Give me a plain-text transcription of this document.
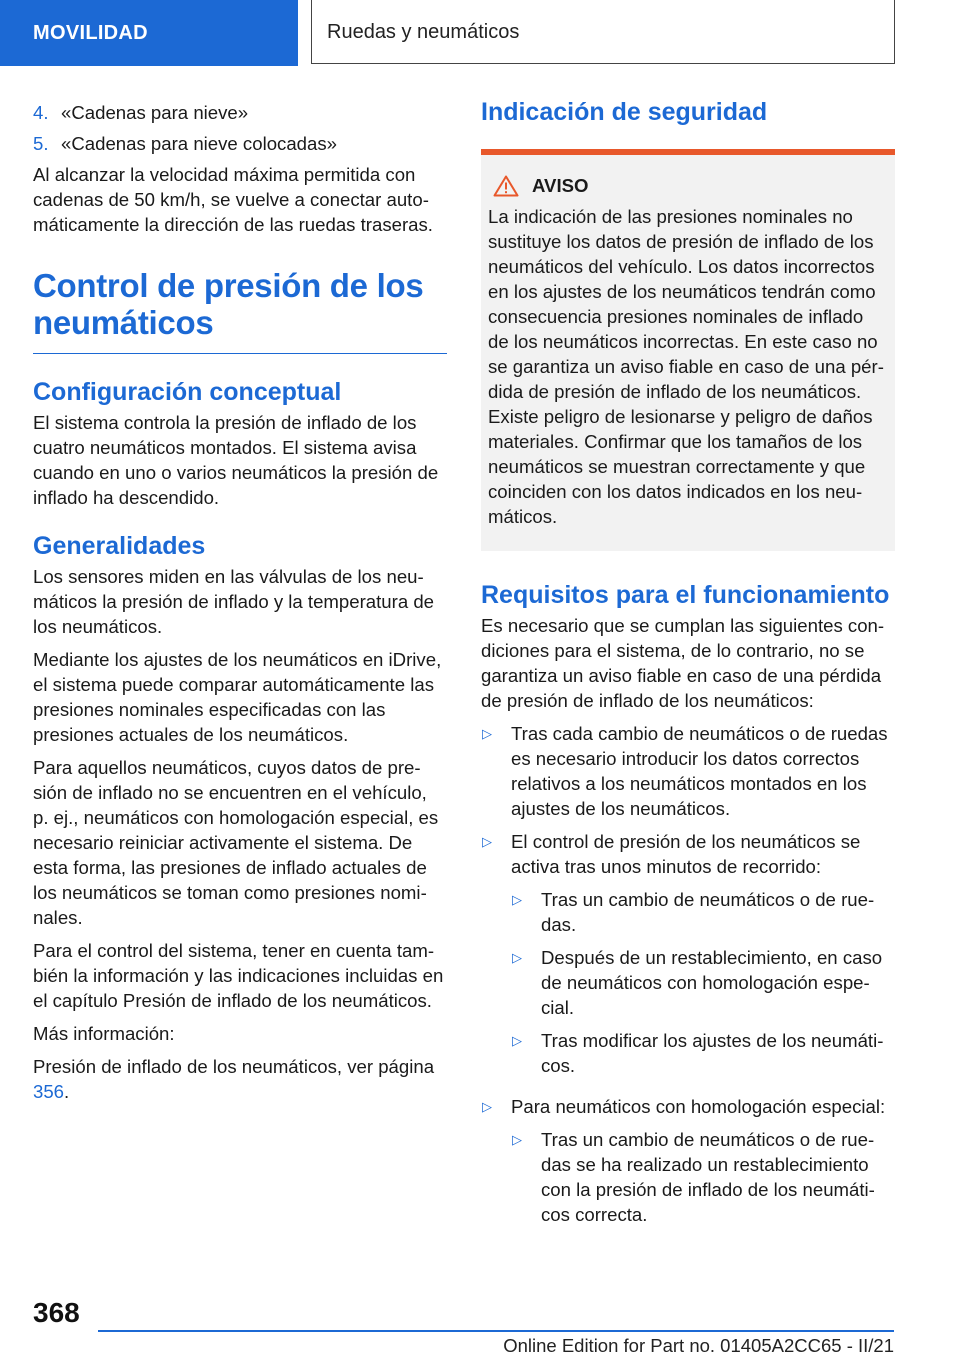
MOVILIDAD	Ruedas y neumáticos
4. «Cadenas para nieve»
5. «Cadenas para nieve colocadas»

Al alcanzar la velocidad máxima permitida con cadenas de 50 km/h, se vuelve a conectar automáticamente la dirección de las ruedas traseras.

Control de presión de los neumáticos
Configuración conceptual

El sistema controla la presión de inflado de los cuatro neumáticos montados. El sistema avisa cuando en uno o varios neumáticos la presión de inflado ha descendido.

Generalidades

Los sensores miden en las válvulas de los neumáticos la presión de inflado y la temperatura de los neumáticos.

Mediante los ajustes de los neumáticos en iDrive, el sistema puede comparar automáticamente las presiones nominales especificadas con las presiones actuales de los neumáticos.

Para aquellos neumáticos, cuyos datos de presión de inflado no se encuentren en el vehículo, p. ej., neumáticos con homologación especial, es necesario reiniciar activamente el sistema. De esta forma, las presiones de inflado actuales de los neumáticos se toman como presiones nominales.

Para el control del sistema, tener en cuenta también la información y las indicaciones incluidas en el capítulo Presión de inflado de los neumáticos.

Más información:

Presión de inflado de los neumáticos, ver página 356.

Indicación de seguridad
AVISO

La indicación de las presiones nominales no sustituye los datos de presión de inflado de los neumáticos del vehículo. Los datos incorrectos en los ajustes de los neumáticos tendrán como consecuencia presiones nominales de inflado de los neumáticos incorrectas. En este caso no se garantiza un aviso fiable en caso de una pérdida de presión de inflado de los neumáticos. Existe peligro de lesionarse y peligro de daños materiales. Confirmar que los tamaños de los neumáticos se muestran correctamente y que coinciden con los datos indicados en los neumáticos.

Requisitos para el funcionamiento

Es necesario que se cumplan las siguientes condiciones para el sistema, de lo contrario, no se garantiza un aviso fiable en caso de una pérdida de presión de inflado de los neumáticos:

▷	Tras cada cambio de neumáticos o de ruedas es necesario introducir los datos correctos relativos a los neumáticos montados en los ajustes de los neumáticos.
▷	El control de presión de los neumáticos se activa tras unos minutos de recorrido:
▷	Tras un cambio de neumáticos o de ruedas.
▷	Después de un restablecimiento, en caso de neumáticos con homologación especial.
▷	Tras modificar los ajustes de los neumáticos.
▷	Para neumáticos con homologación especial:
▷	Tras un cambio de neumáticos o de ruedas se ha realizado un restablecimiento con la presión de inflado de los neumáticos correcta.
368
Online Edition for Part no. 01405A2CC65 - II/21
